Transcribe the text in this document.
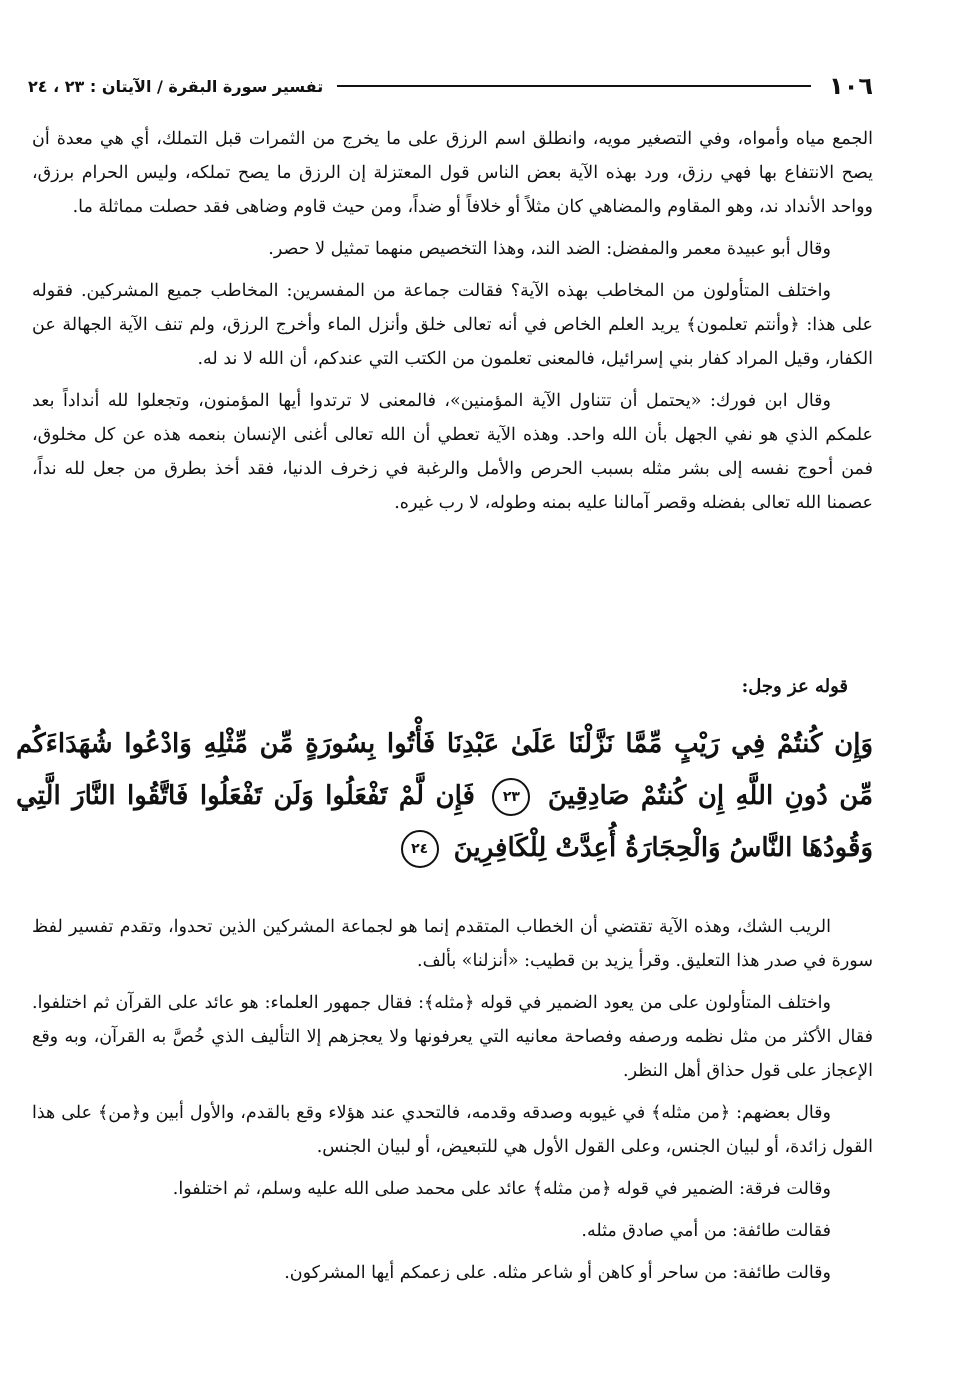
١٠٦
تفسير سورة البقرة / الآيتان : ٢٣ ، ٢٤

الجمع مياه وأمواه، وفي التصغير مويه، وانطلق اسم الرزق على ما يخرج من الثمرات قبل التملك، أي هي معدة أن يصح الانتفاع بها فهي رزق، ورد بهذه الآية بعض الناس قول المعتزلة إن الرزق ما يصح تملكه، وليس الحرام برزق، وواحد الأنداد ند، وهو المقاوم والمضاهي كان مثلاً أو خلافاً أو ضداً، ومن حيث قاوم وضاهى فقد حصلت مماثلة ما.

وقال أبو عبيدة معمر والمفضل: الضد الند، وهذا التخصيص منهما تمثيل لا حصر.

واختلف المتأولون من المخاطب بهذه الآية؟ فقالت جماعة من المفسرين: المخاطب جميع المشركين. فقوله على هذا: ﴿وأنتم تعلمون﴾ يريد العلم الخاص في أنه تعالى خلق وأنزل الماء وأخرج الرزق، ولم تنف الآية الجهالة عن الكفار، وقيل المراد كفار بني إسرائيل، فالمعنى تعلمون من الكتب التي عندكم، أن الله لا ند له.

وقال ابن فورك: «يحتمل أن تتناول الآية المؤمنين»، فالمعنى لا ترتدوا أيها المؤمنون، وتجعلوا لله أنداداً بعد علمكم الذي هو نفي الجهل بأن الله واحد. وهذه الآية تعطي أن الله تعالى أغنى الإنسان بنعمه هذه عن كل مخلوق، فمن أحوج نفسه إلى بشر مثله بسبب الحرص والأمل والرغبة في زخرف الدنيا، فقد أخذ بطرق من جعل لله نداً، عصمنا الله تعالى بفضله وقصر آمالنا عليه بمنه وطوله، لا رب غيره.

قوله عز وجل:

وَإِن كُنتُمْ فِي رَيْبٍ مِّمَّا نَزَّلْنَا عَلَىٰ عَبْدِنَا فَأْتُوا بِسُورَةٍ مِّن مِّثْلِهِ وَادْعُوا شُهَدَاءَكُم مِّن دُونِ اللَّهِ إِن كُنتُمْ صَادِقِينَ ٢٣ فَإِن لَّمْ تَفْعَلُوا وَلَن تَفْعَلُوا فَاتَّقُوا النَّارَ الَّتِي وَقُودُهَا النَّاسُ وَالْحِجَارَةُ أُعِدَّتْ لِلْكَافِرِينَ ٢٤

الريب الشك، وهذه الآية تقتضي أن الخطاب المتقدم إنما هو لجماعة المشركين الذين تحدوا، وتقدم تفسير لفظ سورة في صدر هذا التعليق. وقرأ يزيد بن قطيب: «أنزلنا» بألف.

واختلف المتأولون على من يعود الضمير في قوله ﴿مثله﴾: فقال جمهور العلماء: هو عائد على القرآن ثم اختلفوا. فقال الأكثر من مثل نظمه ورصفه وفصاحة معانيه التي يعرفونها ولا يعجزهم إلا التأليف الذي خُصَّ به القرآن، وبه وقع الإعجاز على قول حذاق أهل النظر.

وقال بعضهم: ﴿من مثله﴾ في غيوبه وصدقه وقدمه، فالتحدي عند هؤلاء وقع بالقدم، والأول أبين و﴿من﴾ على هذا القول زائدة، أو لبيان الجنس، وعلى القول الأول هي للتبعيض، أو لبيان الجنس.

وقالت فرقة: الضمير في قوله ﴿من مثله﴾ عائد على محمد صلى الله عليه وسلم، ثم اختلفوا.

فقالت طائفة: من أمي صادق مثله.

وقالت طائفة: من ساحر أو كاهن أو شاعر مثله. على زعمكم أيها المشركون.
